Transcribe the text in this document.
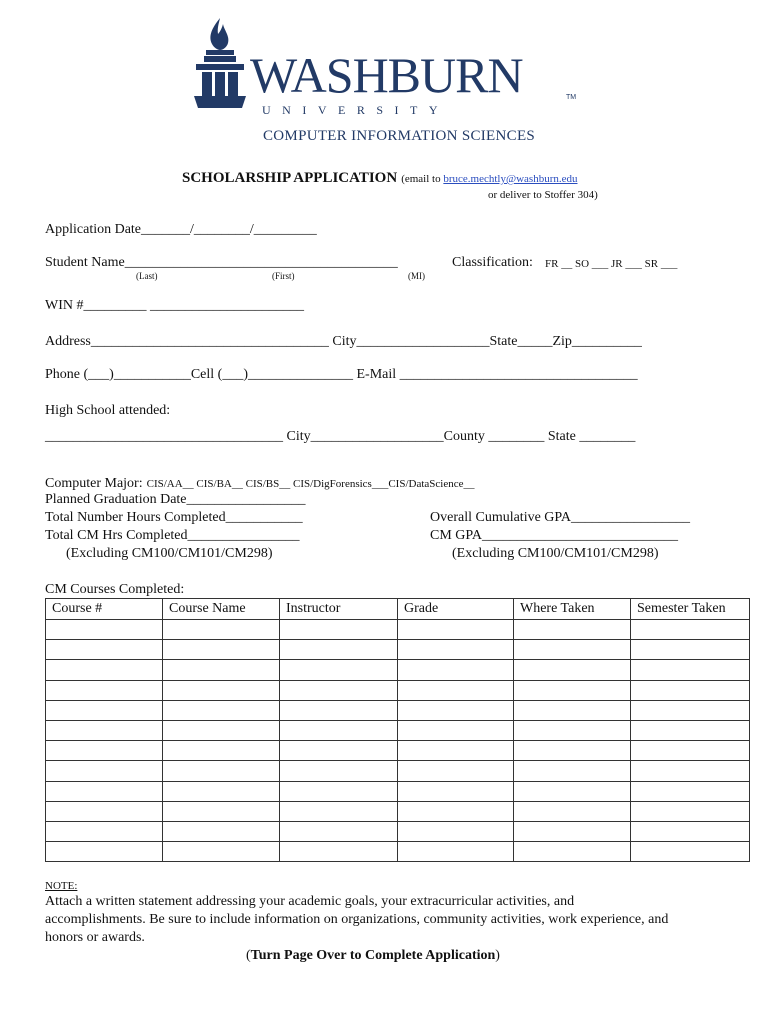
WASHBURN	TM
UNIVERSITY
COMPUTER INFORMATION SCIENCES
SCHOLARSHIP APPLICATION (email to bruce.mechtly@washburn.edu
or deliver to Stoffer 304)
Application Date_______/________/_________
Student Name_______________________________________
(Last)	(First)	(MI)
Classification: FR __ SO ___ JR ___ SR ___
WIN #_________ ______________________
Address__________________________________ City___________________State_____Zip__________
Phone (___)___________Cell (___)_______________ E-Mail __________________________________
High School attended:
__________________________________ City___________________County ________ State ________
Computer Major: CIS/AA__ CIS/BA__ CIS/BS__ CIS/DigForensics___CIS/DataScience__
Planned Graduation Date_________________
Total Number Hours Completed___________
Total CM Hrs Completed________________
(Excluding CM100/CM101/CM298)
Overall Cumulative GPA_________________
CM GPA____________________________
(Excluding CM100/CM101/CM298)
CM Courses Completed:
Course #	Course Name	Instructor	Grade	Where Taken	Semester Taken

NOTE:
Attach a written statement addressing your academic goals, your extracurricular activities, and
accomplishments. Be sure to include information on organizations, community activities, work experience, and
honors or awards.
(Turn Page Over to Complete Application)
